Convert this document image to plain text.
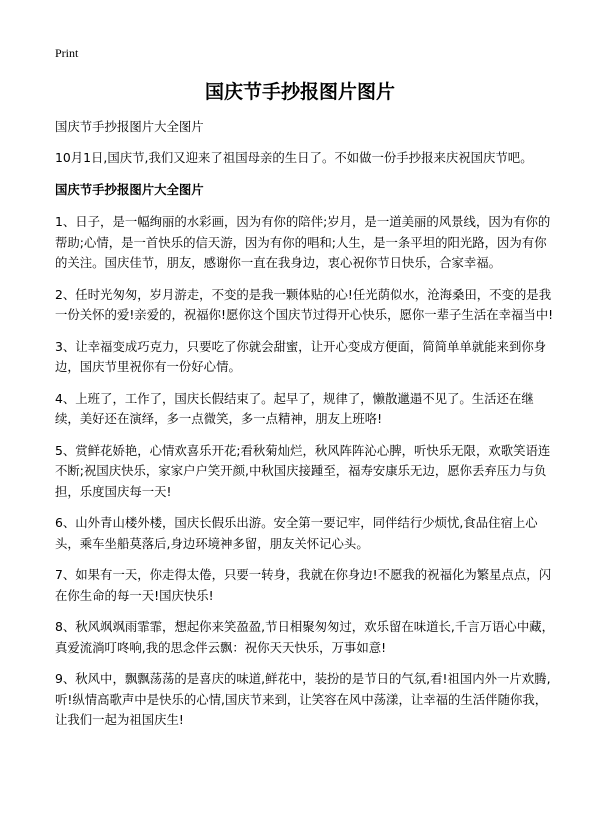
Print
国庆节手抄报图片图片

国庆节手抄报图片大全图片

10月1日,国庆节,我们又迎来了祖国母亲的生日了。不如做一份手抄报来庆祝国庆节吧。

国庆节手抄报图片大全图片

1、日子，是一幅绚丽的水彩画，因为有你的陪伴;岁月，是一道美丽的风景线，因为有你的帮助;心情，是一首快乐的信天游，因为有你的唱和;人生，是一条平坦的阳光路，因为有你的关注。国庆佳节，朋友，感谢你一直在我身边，衷心祝你节日快乐，合家幸福。

2、任时光匆匆，岁月游走，不变的是我一颗体贴的心!任光荫似水，沧海桑田，不变的是我一份关怀的爱!亲爱的，祝福你!愿你这个国庆节过得开心快乐，愿你一辈子生活在幸福当中!

3、让幸福变成巧克力，只要吃了你就会甜蜜，让开心变成方便面，简简单单就能来到你身边，国庆节里祝你有一份好心情。

4、上班了，工作了，国庆长假结束了。起早了，规律了，懒散邋遢不见了。生活还在继续，美好还在演绎，多一点微笑，多一点精神，朋友上班咯!

5、赏鲜花娇艳，心情欢喜乐开花;看秋菊灿烂，秋风阵阵沁心脾，听快乐无限，欢歌笑语连不断;祝国庆快乐，家家户户笑开颜,中秋国庆接踵至，福寿安康乐无边，愿你丢弃压力与负担，乐度国庆每一天!

6、山外青山楼外楼，国庆长假乐出游。安全第一要记牢，同伴结行少烦忧,食品住宿上心头，乘车坐船莫落后,身边环境神多留，朋友关怀记心头。

7、如果有一天，你走得太倦，只要一转身，我就在你身边!不愿我的祝福化为繁星点点，闪在你生命的每一天!国庆快乐!

8、秋风飒飒雨霏霏，想起你来笑盈盈,节日相聚匆匆过，欢乐留在味道长,千言万语心中藏，真爱流淌叮咚响,我的思念伴云飘：祝你天天快乐，万事如意!

9、秋风中，飘飘荡荡的是喜庆的味道,鲜花中，装扮的是节日的气氛,看!祖国内外一片欢腾,听!纵情高歌声中是快乐的心情,国庆节来到，让笑容在风中荡漾，让幸福的生活伴随你我，让我们一起为祖国庆生!
